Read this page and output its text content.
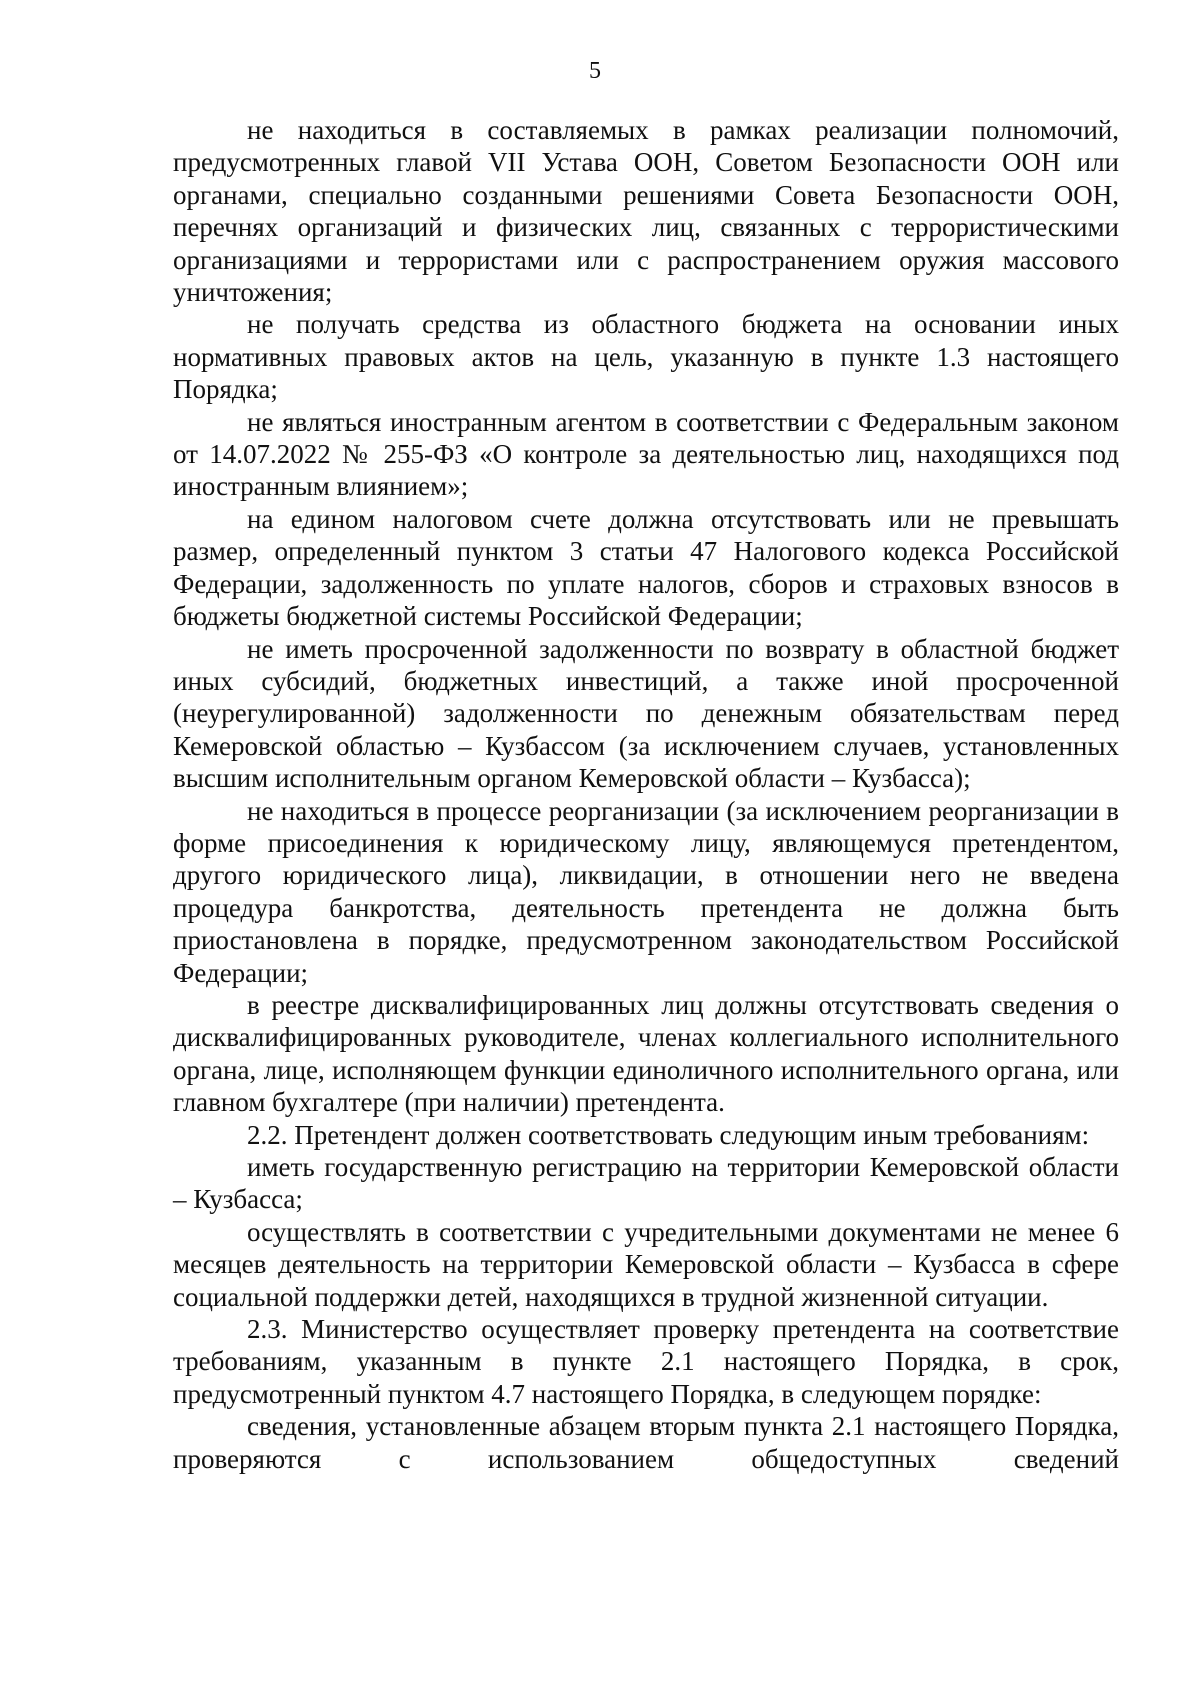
5

не находиться в составляемых в рамках реализации полномочий, предусмотренных главой VII Устава ООН, Советом Безопасности ООН или органами, специально созданными решениями Совета Безопасности ООН, перечнях организаций и физических лиц, связанных с террористическими организациями и террористами или с распространением оружия массового уничтожения;

не получать средства из областного бюджета на основании иных нормативных правовых актов на цель, указанную в пункте 1.3 настоящего Порядка;

не являться иностранным агентом в соответствии с Федеральным законом от 14.07.2022 № 255-ФЗ «О контроле за деятельностью лиц, находящихся под иностранным влиянием»;

на едином налоговом счете должна отсутствовать или не превышать размер, определенный пунктом 3 статьи 47 Налогового кодекса Российской Федерации, задолженность по уплате налогов, сборов и страховых взносов в бюджеты бюджетной системы Российской Федерации;

не иметь просроченной задолженности по возврату в областной бюджет иных субсидий, бюджетных инвестиций, а также иной просроченной (неурегулированной) задолженности по денежным обязательствам перед Кемеровской областью – Кузбассом (за исключением случаев, установленных высшим исполнительным органом Кемеровской области – Кузбасса);

не находиться в процессе реорганизации (за исключением реорганизации в форме присоединения к юридическому лицу, являющемуся претендентом, другого юридического лица), ликвидации, в отношении него не введена процедура банкротства, деятельность претендента не должна быть приостановлена в порядке, предусмотренном законодательством Российской Федерации;

в реестре дисквалифицированных лиц должны отсутствовать сведения о дисквалифицированных руководителе, членах коллегиального исполнительного органа, лице, исполняющем функции единоличного исполнительного органа, или главном бухгалтере (при наличии) претендента.

2.2. Претендент должен соответствовать следующим иным требованиям:

иметь государственную регистрацию на территории Кемеровской области – Кузбасса;

осуществлять в соответствии с учредительными документами не менее 6 месяцев деятельность на территории Кемеровской области – Кузбасса в сфере социальной поддержки детей, находящихся в трудной жизненной ситуации.

2.3. Министерство осуществляет проверку претендента на соответствие требованиям, указанным в пункте 2.1 настоящего Порядка, в срок, предусмотренный пунктом 4.7 настоящего Порядка, в следующем порядке:

сведения, установленные абзацем вторым пункта 2.1 настоящего Порядка, проверяются с использованием общедоступных сведений
